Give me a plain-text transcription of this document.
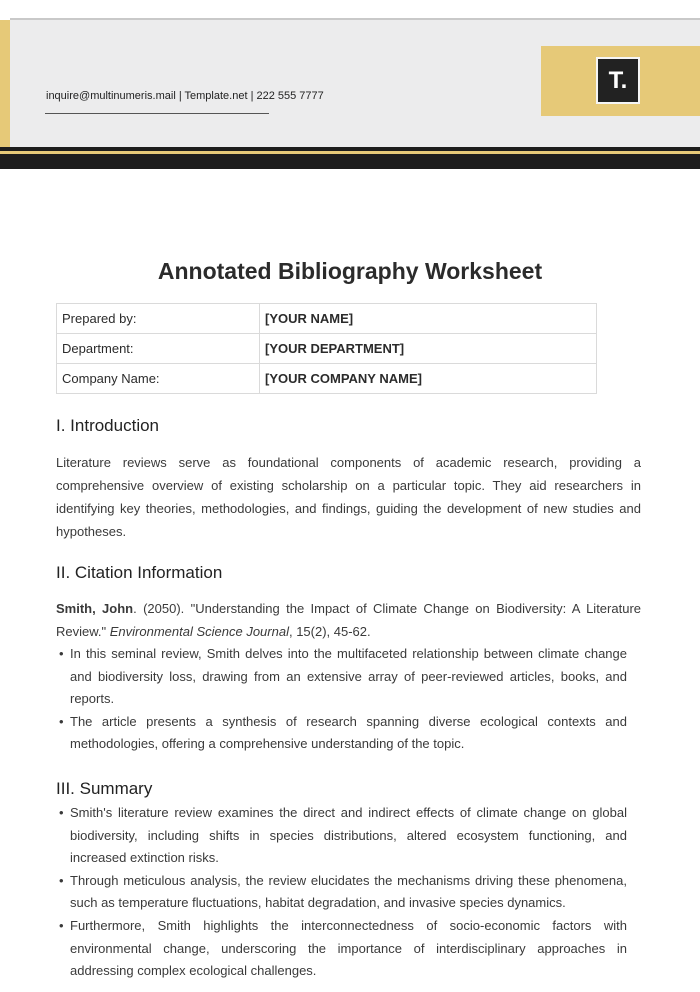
inquire@multinumeris.mail | Template.net | 222 555 7777
T.
Annotated Bibliography Worksheet
Prepared by:	[YOUR NAME]
Department:	[YOUR DEPARTMENT]
Company Name:	[YOUR COMPANY NAME]
I. Introduction

Literature reviews serve as foundational components of academic research, providing a comprehensive overview of existing scholarship on a particular topic. They aid researchers in identifying key theories, methodologies, and findings, guiding the development of new studies and hypotheses.

II. Citation Information

Smith, John. (2050). "Understanding the Impact of Climate Change on Biodiversity: A Literature Review." Environmental Science Journal, 15(2), 45-62.

• In this seminal review, Smith delves into the multifaceted relationship between climate change and biodiversity loss, drawing from an extensive array of peer-reviewed articles, books, and reports.
• The article presents a synthesis of research spanning diverse ecological contexts and methodologies, offering a comprehensive understanding of the topic.
III. Summary
• Smith's literature review examines the direct and indirect effects of climate change on global biodiversity, including shifts in species distributions, altered ecosystem functioning, and increased extinction risks.
• Through meticulous analysis, the review elucidates the mechanisms driving these phenomena, such as temperature fluctuations, habitat degradation, and invasive species dynamics.
• Furthermore, Smith highlights the interconnectedness of socio-economic factors with environmental change, underscoring the importance of interdisciplinary approaches in addressing complex ecological challenges.
